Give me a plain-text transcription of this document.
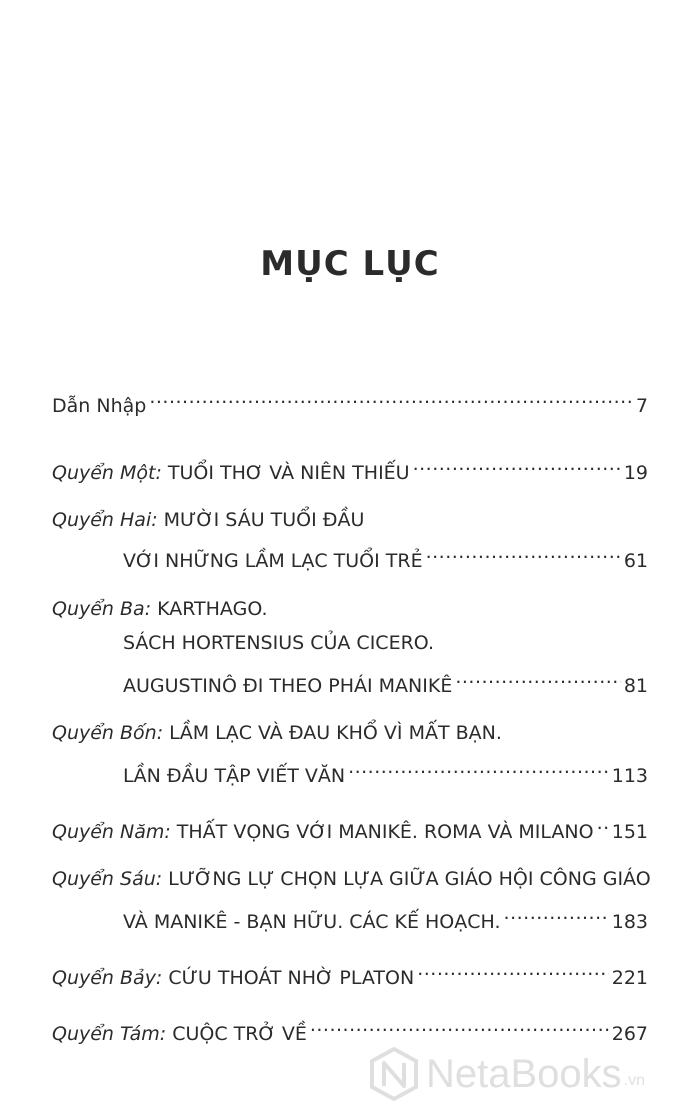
MỤC LỤC
Dẫn Nhập .....	7
Quyển Một: TUỔI THƠ VÀ NIÊN THIẾU .....	19
Quyển Hai: MƯỜI SÁU TUỔI ĐẦU
VỚI NHỮNG LẦM LẠC TUỔI TRẺ .....	61
Quyển Ba: KARTHAGO.
SÁCH HORTENSIUS CỦA CICERO.
AUGUSTINÔ ĐI THEO PHÁI MANIKÊ .....	81
Quyển Bốn: LẦM LẠC VÀ ĐAU KHỔ VÌ MẤT BẠN.
LẦN ĐẦU TẬP VIẾT VĂN .....	113
Quyển Năm: THẤT VỌNG VỚI MANIKÊ. ROMA VÀ MILANO ..... 151
Quyển Sáu: LƯỠNG LỰ CHỌN LỰA GIỮA GIÁO HỘI CÔNG GIÁO
VÀ MANIKÊ - BẠN HỮU. CÁC KẾ HOẠCH. .....	183
Quyển Bảy: CỨU THOÁT NHỜ PLATON .....	221
Quyển Tám: CUỘC TRỞ VỀ .....	267
NetaBooks .vn
